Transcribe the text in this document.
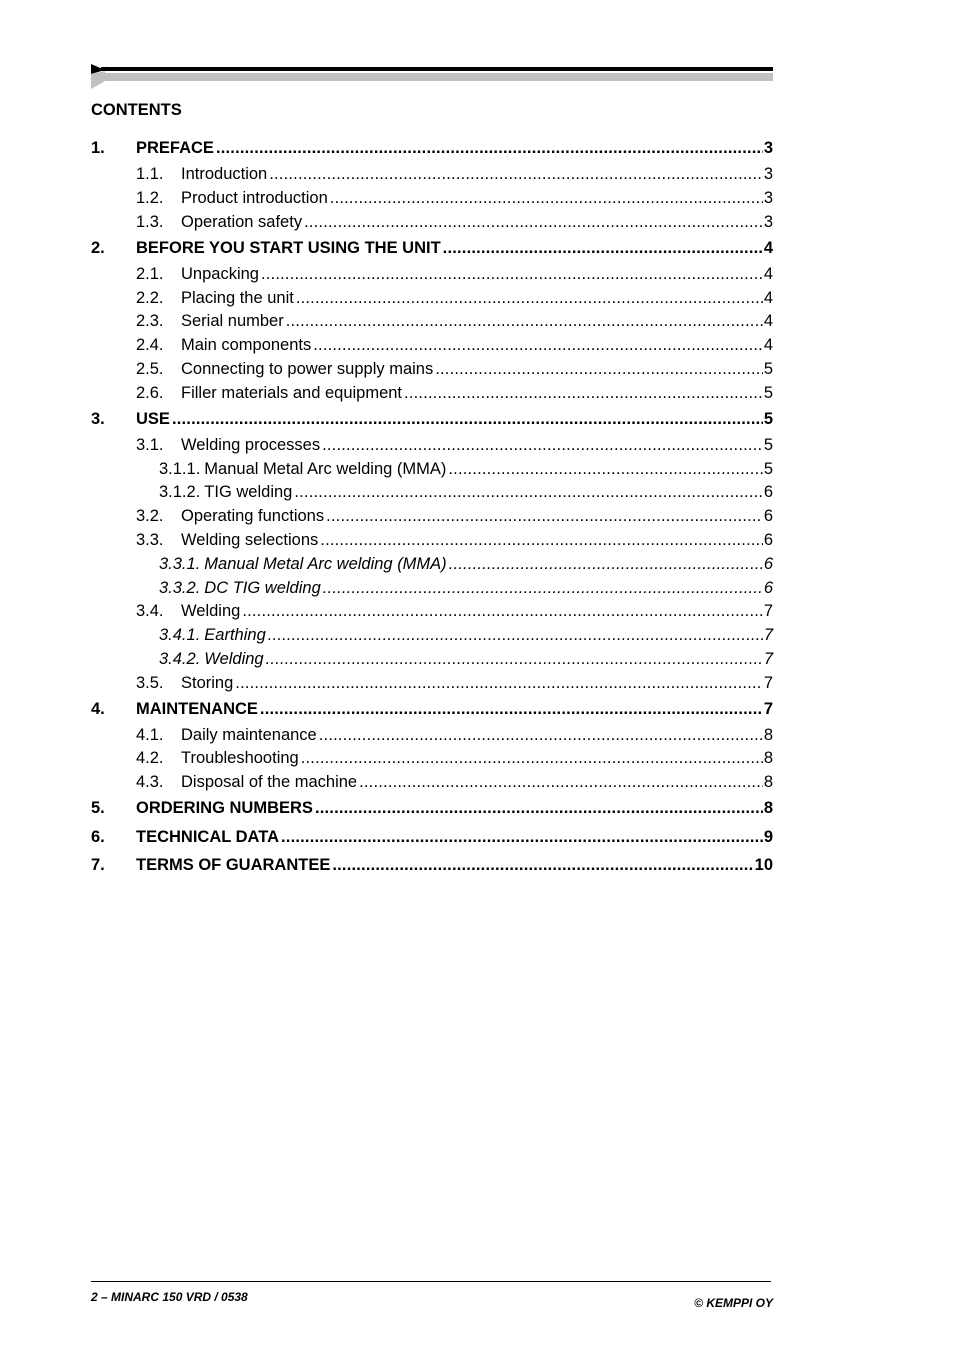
CONTENTS
1.	PREFACE .....	3
1.1.	Introduction .....	3
1.2.	Product introduction .....	3
1.3.	Operation safety .....	3
2.	BEFORE YOU START USING THE UNIT .....	4
2.1.	Unpacking .....	4
2.2.	Placing the unit .....	4
2.3.	Serial number .....	4
2.4.	Main components .....	4
2.5.	Connecting to power supply mains .....	5
2.6.	Filler materials and equipment .....	5
3.	USE .....	5
3.1.	Welding processes .....	5
3.1.1. Manual Metal Arc welding (MMA) .....	5
3.1.2. TIG welding .....	6
3.2.	Operating functions .....	6
3.3.	Welding selections .....	6
3.3.1. Manual Metal Arc welding (MMA) .....	6
3.3.2. DC TIG welding .....	6
3.4.	Welding .....	7
3.4.1. Earthing .....	7
3.4.2. Welding .....	7
3.5.	Storing .....	7
4.	MAINTENANCE .....	7
4.1.	Daily maintenance .....	8
4.2.	Troubleshooting .....	8
4.3.	Disposal of the machine .....	8
5.	ORDERING NUMBERS .....	8
6.	TECHNICAL DATA .....	9
7.	TERMS OF GUARANTEE .....	10
2 – MINARC 150 VRD / 0538	© KEMPPI OY
